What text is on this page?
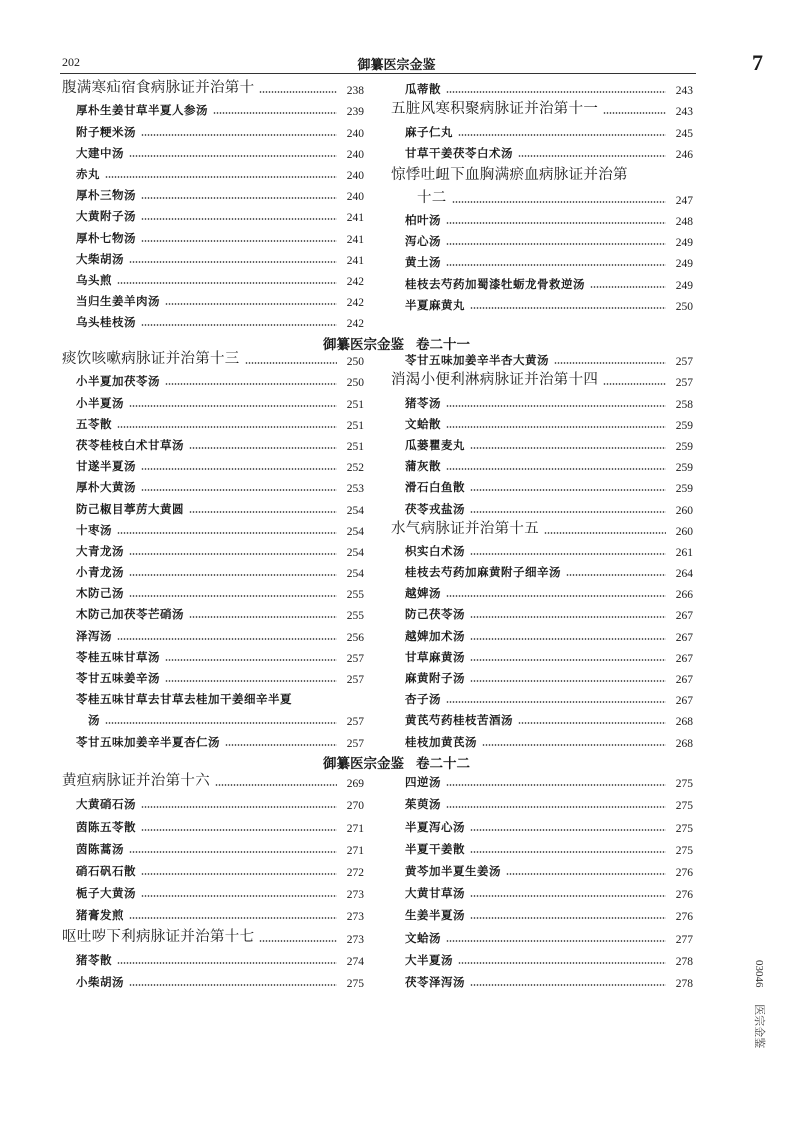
202	御纂医宗金鉴	7
腹满寒疝宿食病脉证并治第十	238
厚朴生姜甘草半夏人参汤	239
附子粳米汤	240
大建中汤	240
赤丸	240
厚朴三物汤	240
大黄附子汤	241
厚朴七物汤	241
大柴胡汤	241
乌头煎	242
当归生姜羊肉汤	242
乌头桂枝汤	242
瓜蒂散	243
五脏风寒积聚病脉证并治第十一	243
麻子仁丸	245
甘草干姜茯苓白术汤	246
惊悸吐衄下血胸满瘀血病脉证并治第
十二	247
柏叶汤	248
泻心汤	249
黄土汤	249
桂枝去芍药加蜀漆牡蛎龙骨救逆汤	249
半夏麻黄丸	250
御纂医宗金鉴 卷二十一
痰饮咳嗽病脉证并治第十三	250
小半夏加茯苓汤	250
小半夏汤	251
五苓散	251
茯苓桂枝白术甘草汤	251
甘遂半夏汤	252
厚朴大黄汤	253
防己椒目葶苈大黄圆	254
十枣汤	254
大青龙汤	254
小青龙汤	254
木防己汤	255
木防己加茯苓芒硝汤	255
泽泻汤	256
苓桂五味甘草汤	257
苓甘五味姜辛汤	257
苓桂五味甘草去甘草去桂加干姜细辛半夏
汤	257
苓甘五味加姜辛半夏杏仁汤	257
苓甘五味加姜辛半杏大黄汤	257
消渴小便利淋病脉证并治第十四	257
猪苓汤	258
文蛤散	259
瓜蒌瞿麦丸	259
蒲灰散	259
滑石白鱼散	259
茯苓戎盐汤	260
水气病脉证并治第十五	260
枳实白术汤	261
桂枝去芍药加麻黄附子细辛汤	264
越婢汤	266
防己茯苓汤	267
越婢加术汤	267
甘草麻黄汤	267
麻黄附子汤	267
杏子汤	267
黄芪芍药桂枝苦酒汤	268
桂枝加黄芪汤	268
御纂医宗金鉴 卷二十二
黄疸病脉证并治第十六	269
大黄硝石汤	270
茵陈五苓散	271
茵陈蒿汤	271
硝石矾石散	272
栀子大黄汤	273
猪膏发煎	273
呕吐哕下利病脉证并治第十七	273
猪苓散	274
小柴胡汤	275
四逆汤	275
茱萸汤	275
半夏泻心汤	275
半夏干姜散	275
黄芩加半夏生姜汤	276
大黄甘草汤	276
生姜半夏汤	276
文蛤汤	277
大半夏汤	278
茯苓泽泻汤	278	03046 医宗金鉴
